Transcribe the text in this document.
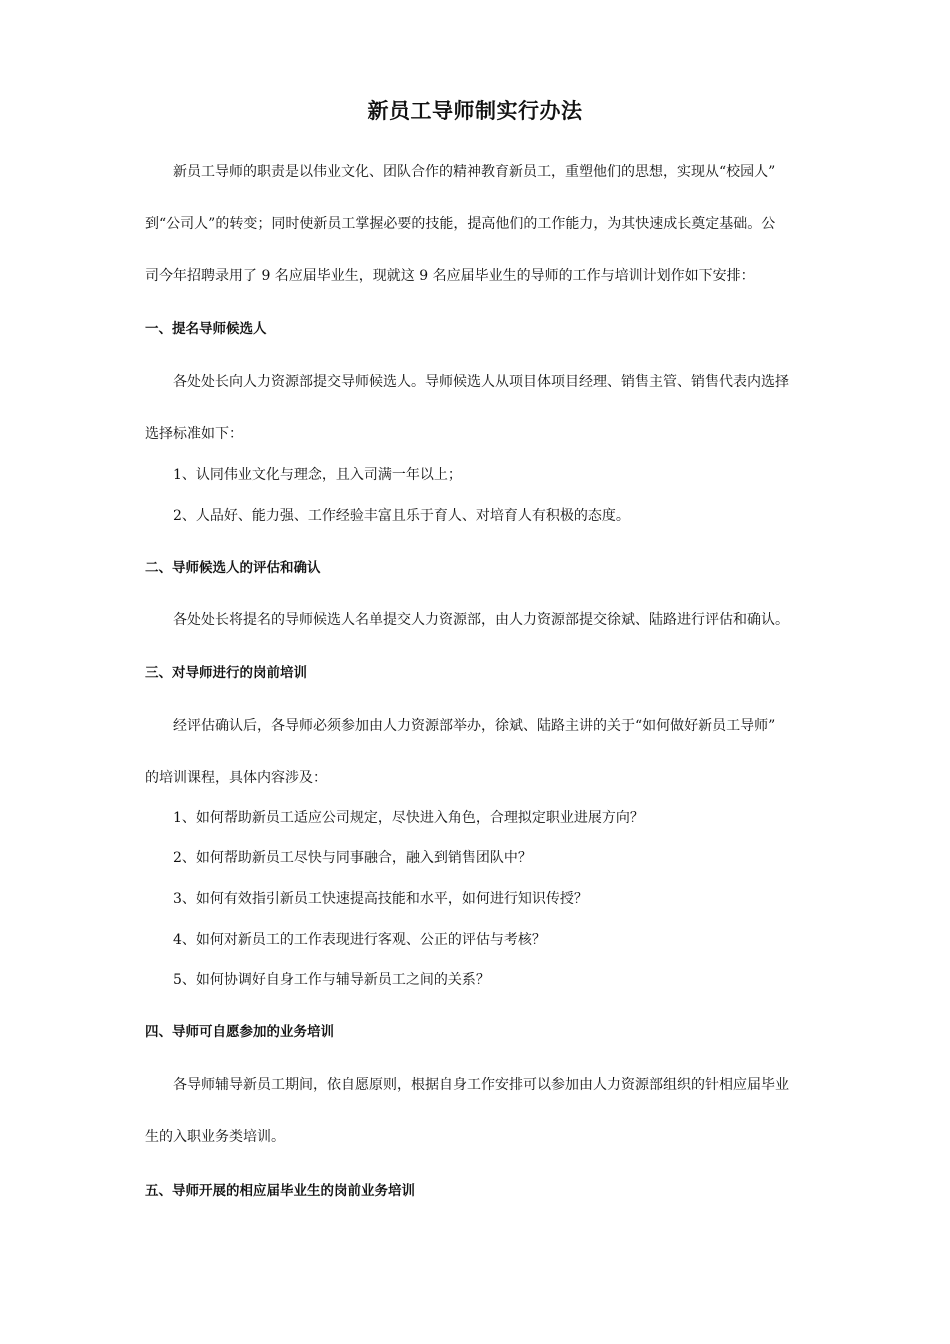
新员工导师制实行办法
新员工导师的职责是以伟业文化、团队合作的精神教育新员工，重塑他们的思想，实现从“校园人”
到“公司人”的转变；同时使新员工掌握必要的技能，提高他们的工作能力，为其快速成长奠定基础。公
司今年招聘录用了 9 名应届毕业生，现就这 9 名应届毕业生的导师的工作与培训计划作如下安排：
一、提名导师候选人
各处处长向人力资源部提交导师候选人。导师候选人从项目体项目经理、销售主管、销售代表内选择
选择标准如下：
1、认同伟业文化与理念，且入司满一年以上；
2、人品好、能力强、工作经验丰富且乐于育人、对培育人有积极的态度。
二、导师候选人的评估和确认
各处处长将提名的导师候选人名单提交人力资源部，由人力资源部提交徐斌、陆路进行评估和确认。
三、对导师进行的岗前培训
经评估确认后，各导师必须参加由人力资源部举办，徐斌、陆路主讲的关于“如何做好新员工导师”
的培训课程，具体内容涉及：
1、如何帮助新员工适应公司规定，尽快进入角色，合理拟定职业进展方向？
2、如何帮助新员工尽快与同事融合，融入到销售团队中？
3、如何有效指引新员工快速提高技能和水平，如何进行知识传授？
4、如何对新员工的工作表现进行客观、公正的评估与考核？
5、如何协调好自身工作与辅导新员工之间的关系？
四、导师可自愿参加的业务培训
各导师辅导新员工期间，依自愿原则，根据自身工作安排可以参加由人力资源部组织的针相应届毕业
生的入职业务类培训。
五、导师开展的相应届毕业生的岗前业务培训
